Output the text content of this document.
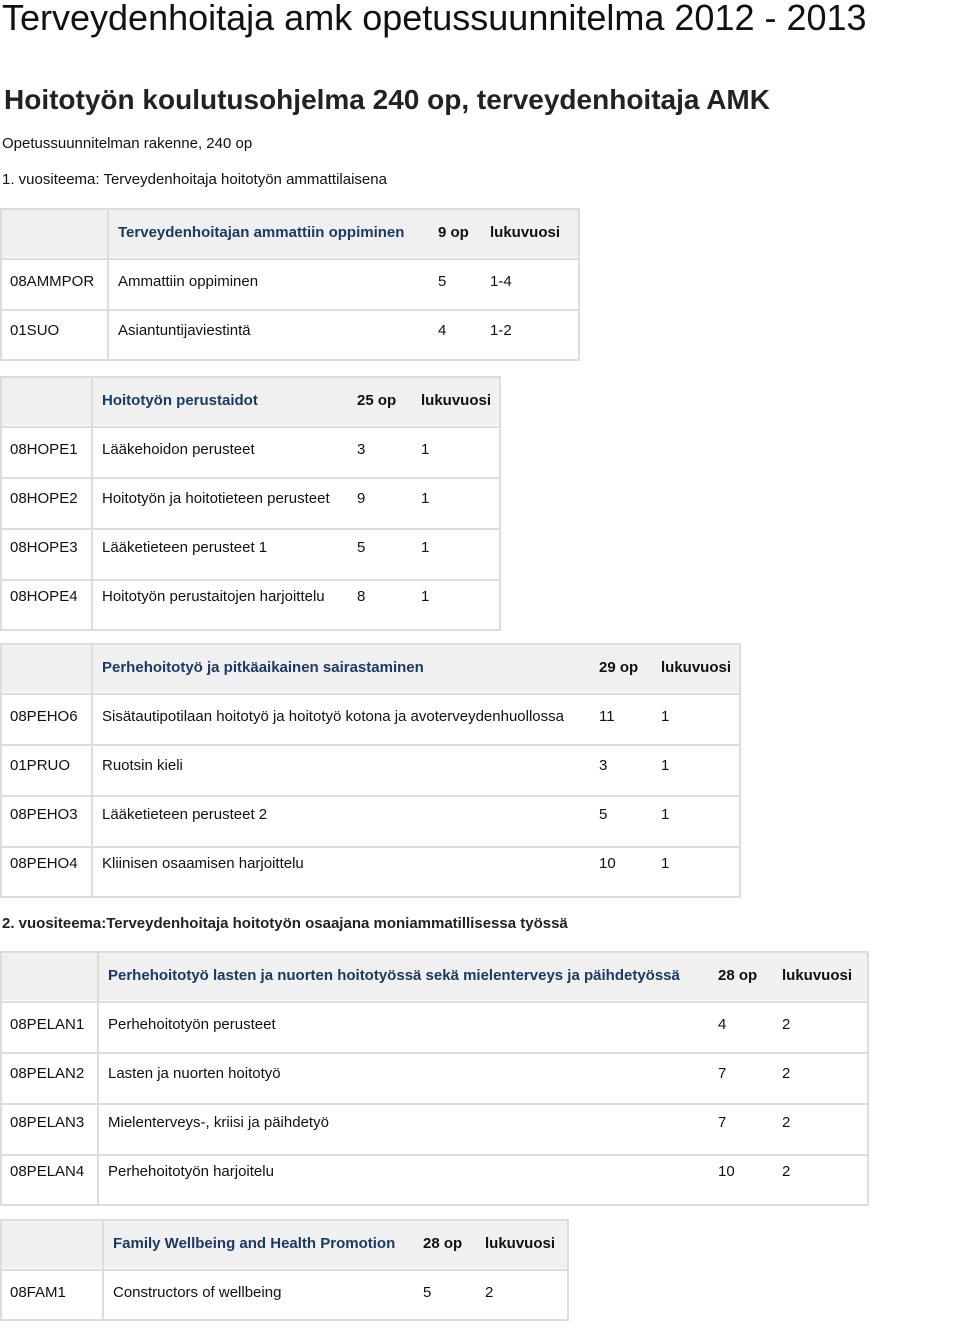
Terveydenhoitaja amk opetussuunnitelma 2012 - 2013
Hoitotyön koulutusohjelma 240 op, terveydenhoitaja AMK
Opetussuunnitelman rakenne, 240 op
1. vuositeema: Terveydenhoitaja hoitotyön ammattilaisena
2. vuositeema:Terveydenhoitaja hoitotyön osaajana moniammatillisessa työssä
	Terveydenhoitajan ammattiin oppiminen	9 op	lukuvuosi
08AMMPOR	Ammattiin oppiminen	5	1-4
01SUO	Asiantuntijaviestintä	4	1-2
	Hoitotyön perustaidot	25 op	lukuvuosi
08HOPE1	Lääkehoidon perusteet	3	1
08HOPE2	Hoitotyön ja hoitotieteen perusteet	9	1
08HOPE3	Lääketieteen perusteet 1	5	1
08HOPE4	Hoitotyön perustaitojen harjoittelu	8	1
	Perhehoitotyö ja pitkäaikainen sairastaminen	29 op	lukuvuosi
08PEHO6	Sisätautipotilaan hoitotyö ja hoitotyö kotona ja avoterveydenhuollossa	11	1
01PRUO	Ruotsin kieli	3	1
08PEHO3	Lääketieteen perusteet 2	5	1
08PEHO4	Kliinisen osaamisen harjoittelu	10	1
	Perhehoitotyö lasten ja nuorten hoitotyössä sekä mielenterveys ja päihdetyössä	28 op	lukuvuosi
08PELAN1	Perhehoitotyön perusteet	4	2
08PELAN2	Lasten ja nuorten hoitotyö	7	2
08PELAN3	Mielenterveys-, kriisi ja päihdetyö	7	2
08PELAN4	Perhehoitotyön harjoitelu	10	2
	Family Wellbeing and Health Promotion	28 op	lukuvuosi
08FAM1	Constructors of wellbeing	5	2
